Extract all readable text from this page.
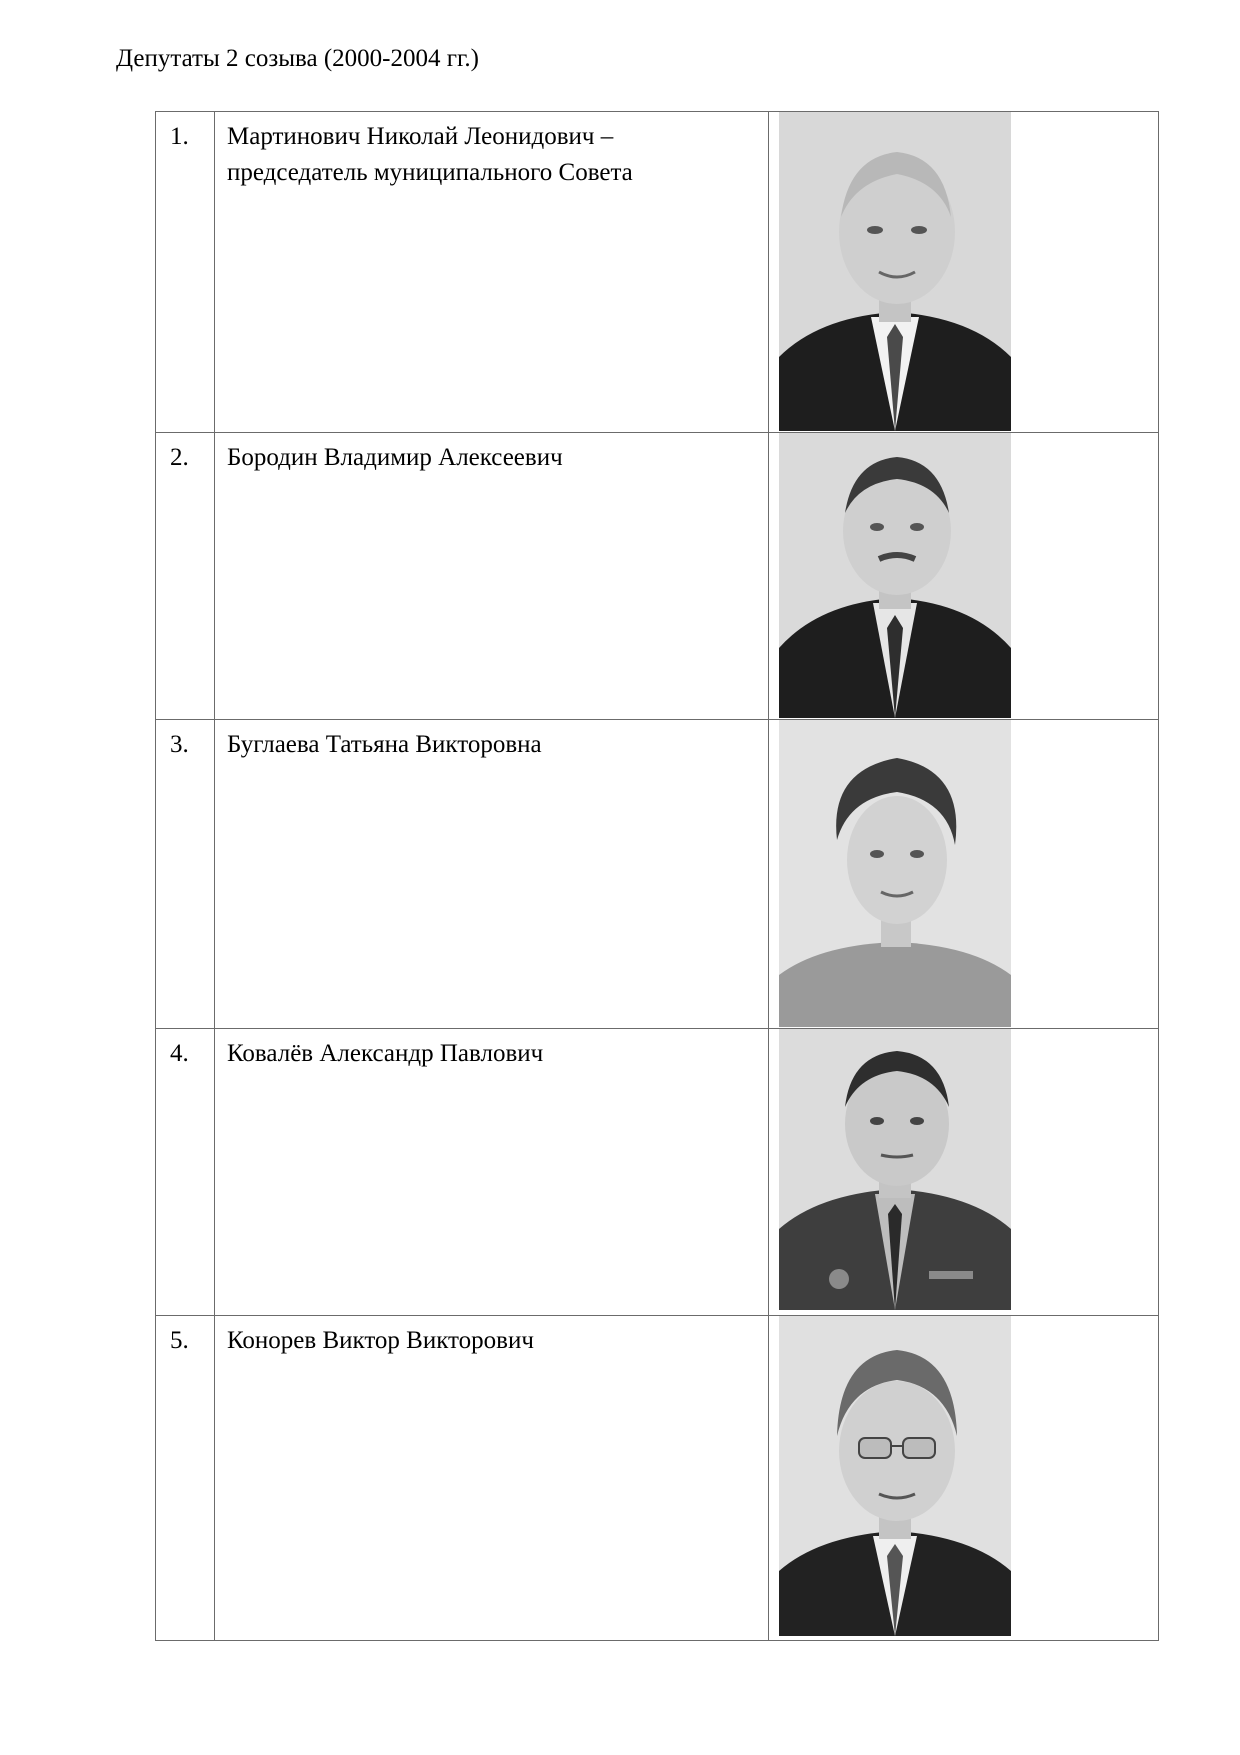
Депутаты 2 созыва (2000-2004 гг.)
1.	Мартинович Николай Леонидович –
председатель муниципального Совета

2.	Бородин Владимир Алексеевич

3.	Буглаева Татьяна Викторовна

4.	Ковалёв Александр Павлович

5.	Конорев Виктор Викторович
